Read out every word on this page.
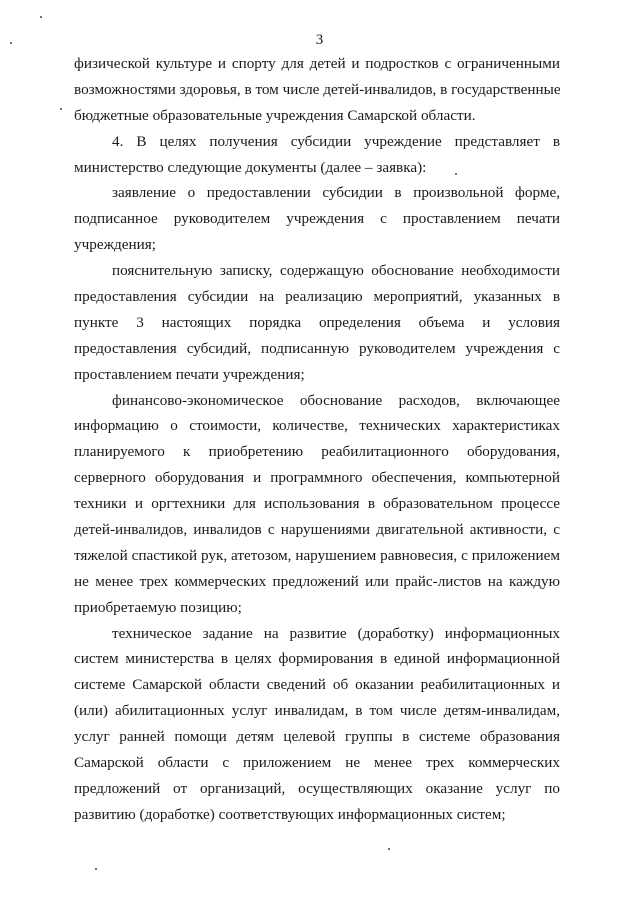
3
физической культуре и спорту для детей и подростков с ограниченными
возможностями здоровья, в том числе детей-инвалидов, в государственные
бюджетные образовательные учреждения Самарской области.
4. В целях получения субсидии учреждение представляет в
министерство следующие документы (далее – заявка):
заявление о предоставлении субсидии в произвольной форме,
подписанное руководителем учреждения с проставлением печати
учреждения;
пояснительную записку, содержащую обоснование необходимости
предоставления субсидии на реализацию мероприятий, указанных в
пункте 3 настоящих порядка определения объема и условия
предоставления субсидий, подписанную руководителем учреждения с
проставлением печати учреждения;
финансово-экономическое обоснование расходов, включающее
информацию о стоимости, количестве, технических характеристиках
планируемого к приобретению реабилитационного оборудования,
серверного оборудования и программного обеспечения, компьютерной
техники и оргтехники для использования в образовательном процессе
детей-инвалидов, инвалидов с нарушениями двигательной активности, с
тяжелой спастикой рук, атетозом, нарушением равновесия, с приложением
не менее трех коммерческих предложений или прайс-листов на каждую
приобретаемую позицию;
техническое задание на развитие (доработку) информационных
систем министерства в целях формирования в единой информационной
системе Самарской области сведений об оказании реабилитационных и
(или) абилитационных услуг инвалидам, в том числе детям-инвалидам,
услуг ранней помощи детям целевой группы в системе образования
Самарской области с приложением не менее трех коммерческих
предложений от организаций, осуществляющих оказание услуг по
развитию (доработке) соответствующих информационных систем;
